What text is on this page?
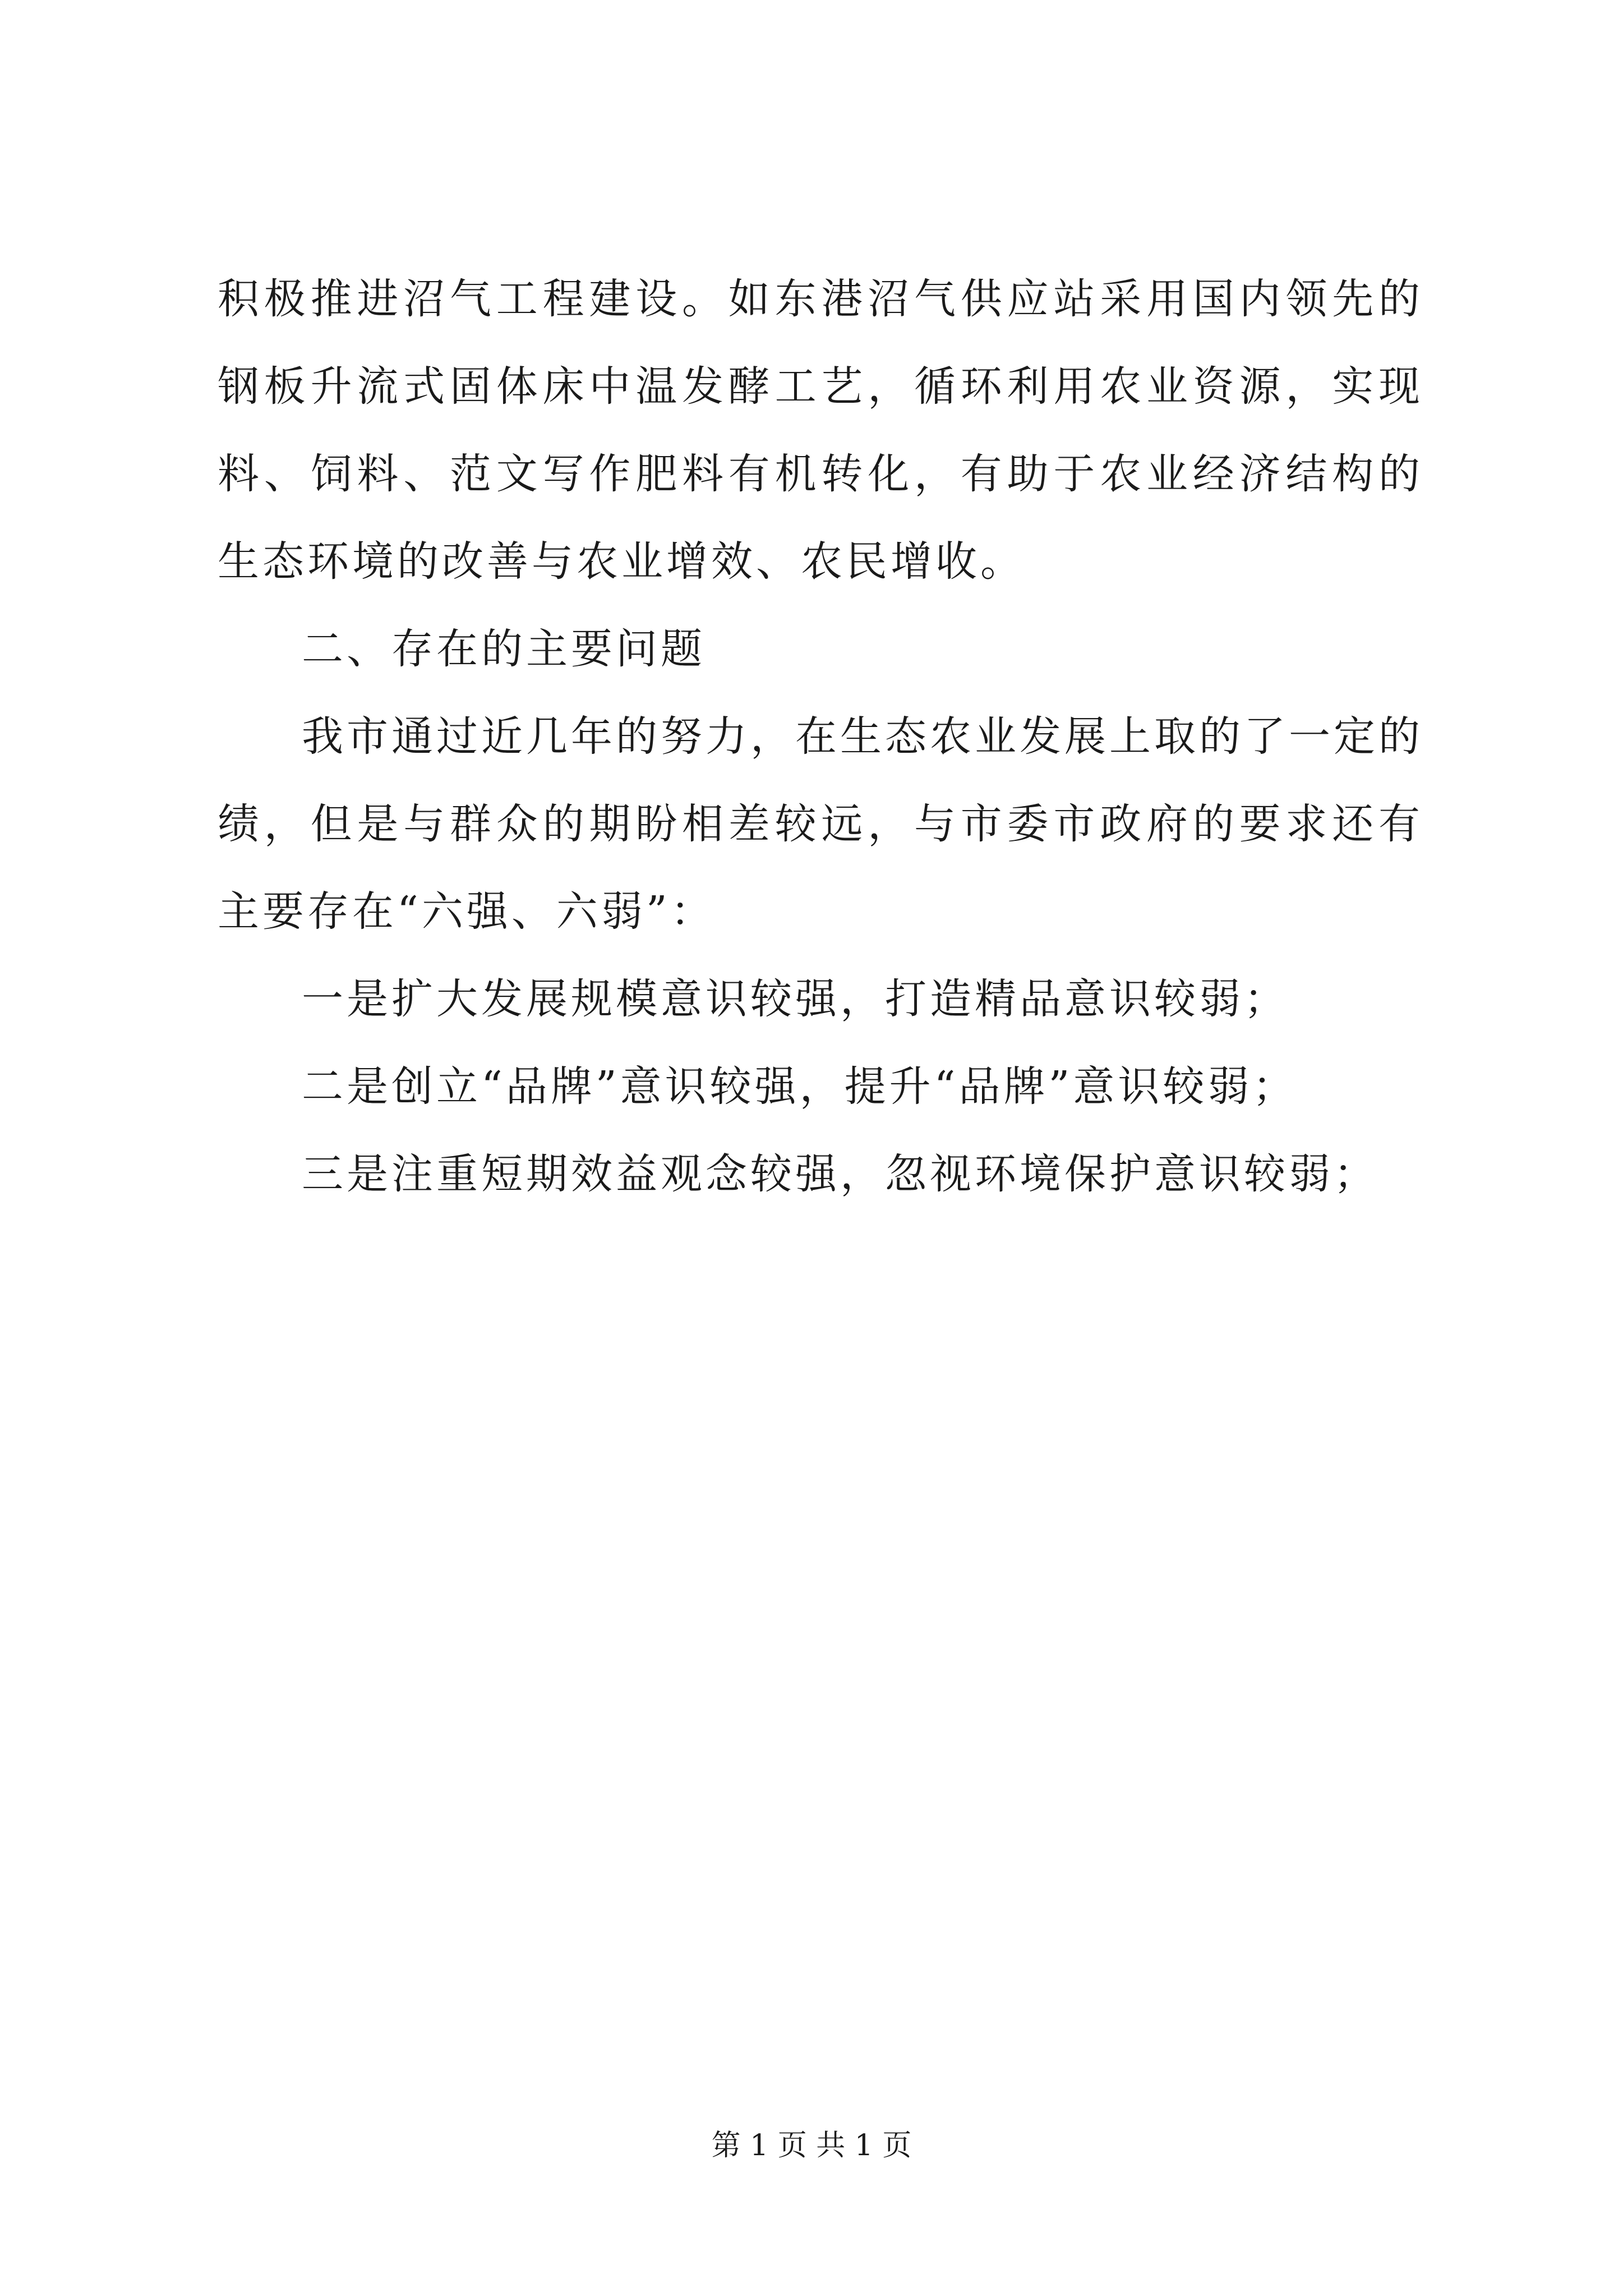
积极推进沼气工程建设。如东港沼气供应站采用国内领先的
钢板升流式固体床中温发酵工艺，循环利用农业资源，实现
料、饲料、范文写作肥料有机转化，有助于农业经济结构的
生态环境的改善与农业增效、农民增收。
二、存在的主要问题
我市通过近几年的努力，在生态农业发展上取的了一定的
绩，但是与群众的期盼相差较远，与市委市政府的要求还有
主要存在“六强、六弱”：
一是扩大发展规模意识较强，打造精品意识较弱；
二是创立“品牌”意识较强，提升“品牌”意识较弱；
三是注重短期效益观念较强，忽视环境保护意识较弱；
第 1 页 共 1 页
